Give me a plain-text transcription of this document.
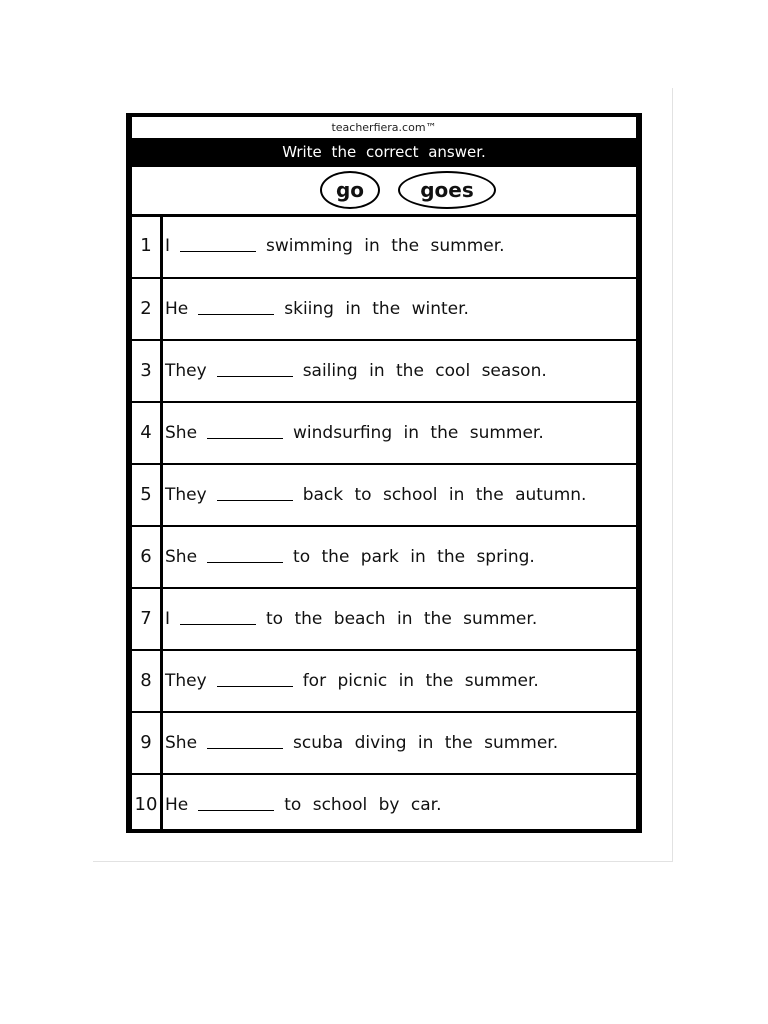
teacherfiera.com™
Write the correct answer.
go	goes
1 I	swimming in the summer.
2 He	skiing in the winter.
3 They	sailing in the cool season.
4 She	windsurfing in the summer.
5 They	back to school in the autumn.
6 She	to the park in the spring.
7 I	to the beach in the summer.
8 They	for picnic in the summer.
9 She	scuba diving in the summer.
10 He	to school by car.
